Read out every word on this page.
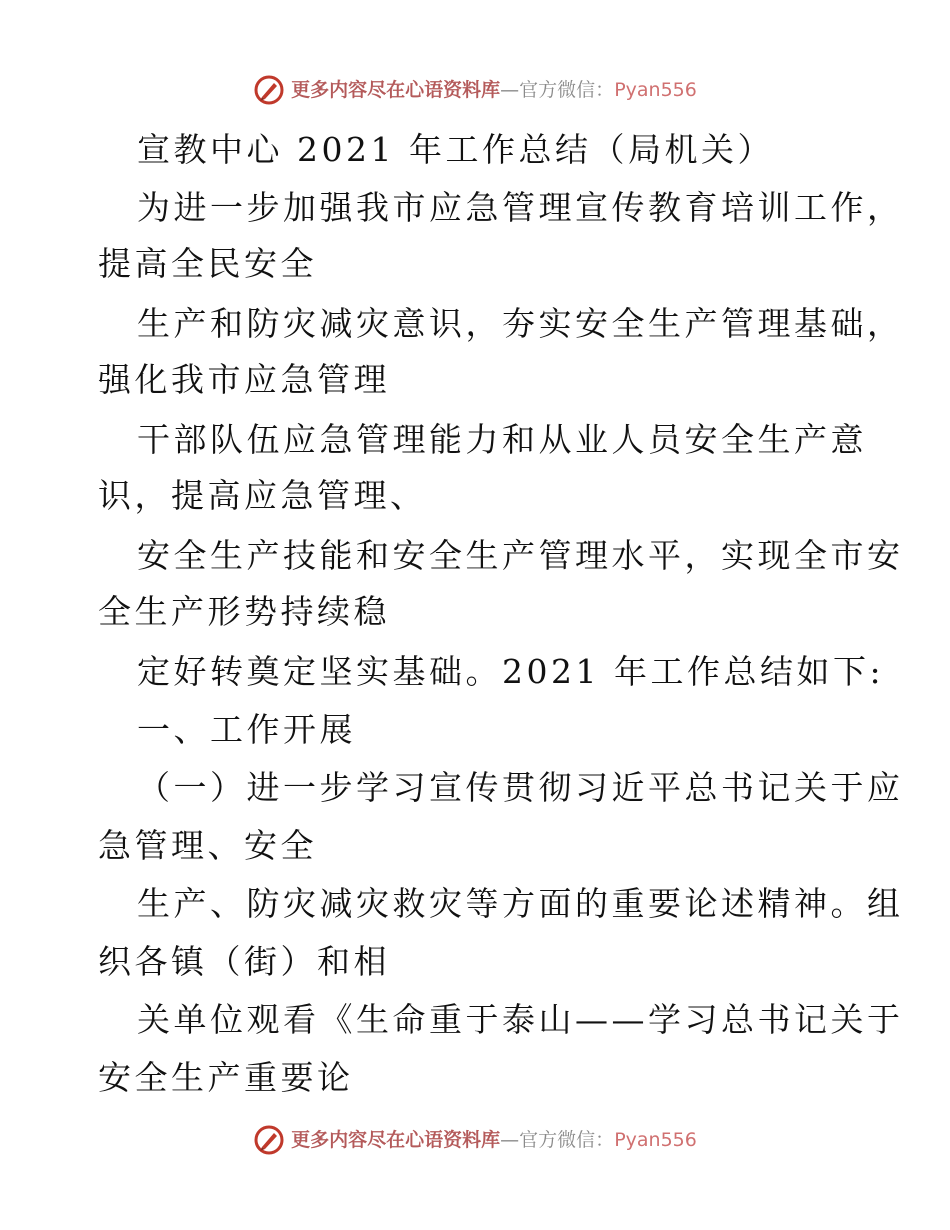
更多内容尽在心语资料库 — 官方微信： Pyan556
宣教中心 2021 年工作总结（局机关）
为进一步加强我市应急管理宣传教育培训工作，
提高全民安全
生产和防灾减灾意识，夯实安全生产管理基础，
强化我市应急管理
干部队伍应急管理能力和从业人员安全生产意
识，提高应急管理、
安全生产技能和安全生产管理水平，实现全市安
全生产形势持续稳
定好转奠定坚实基础。2021 年工作总结如下:
一、工作开展
（一）进一步学习宣传贯彻习近平总书记关于应
急管理、安全
生产、防灾减灾救灾等方面的重要论述精神。组
织各镇（街）和相
关单位观看《生命重于泰山——学习总书记关于
安全生产重要论
更多内容尽在心语资料库 — 官方微信： Pyan556
